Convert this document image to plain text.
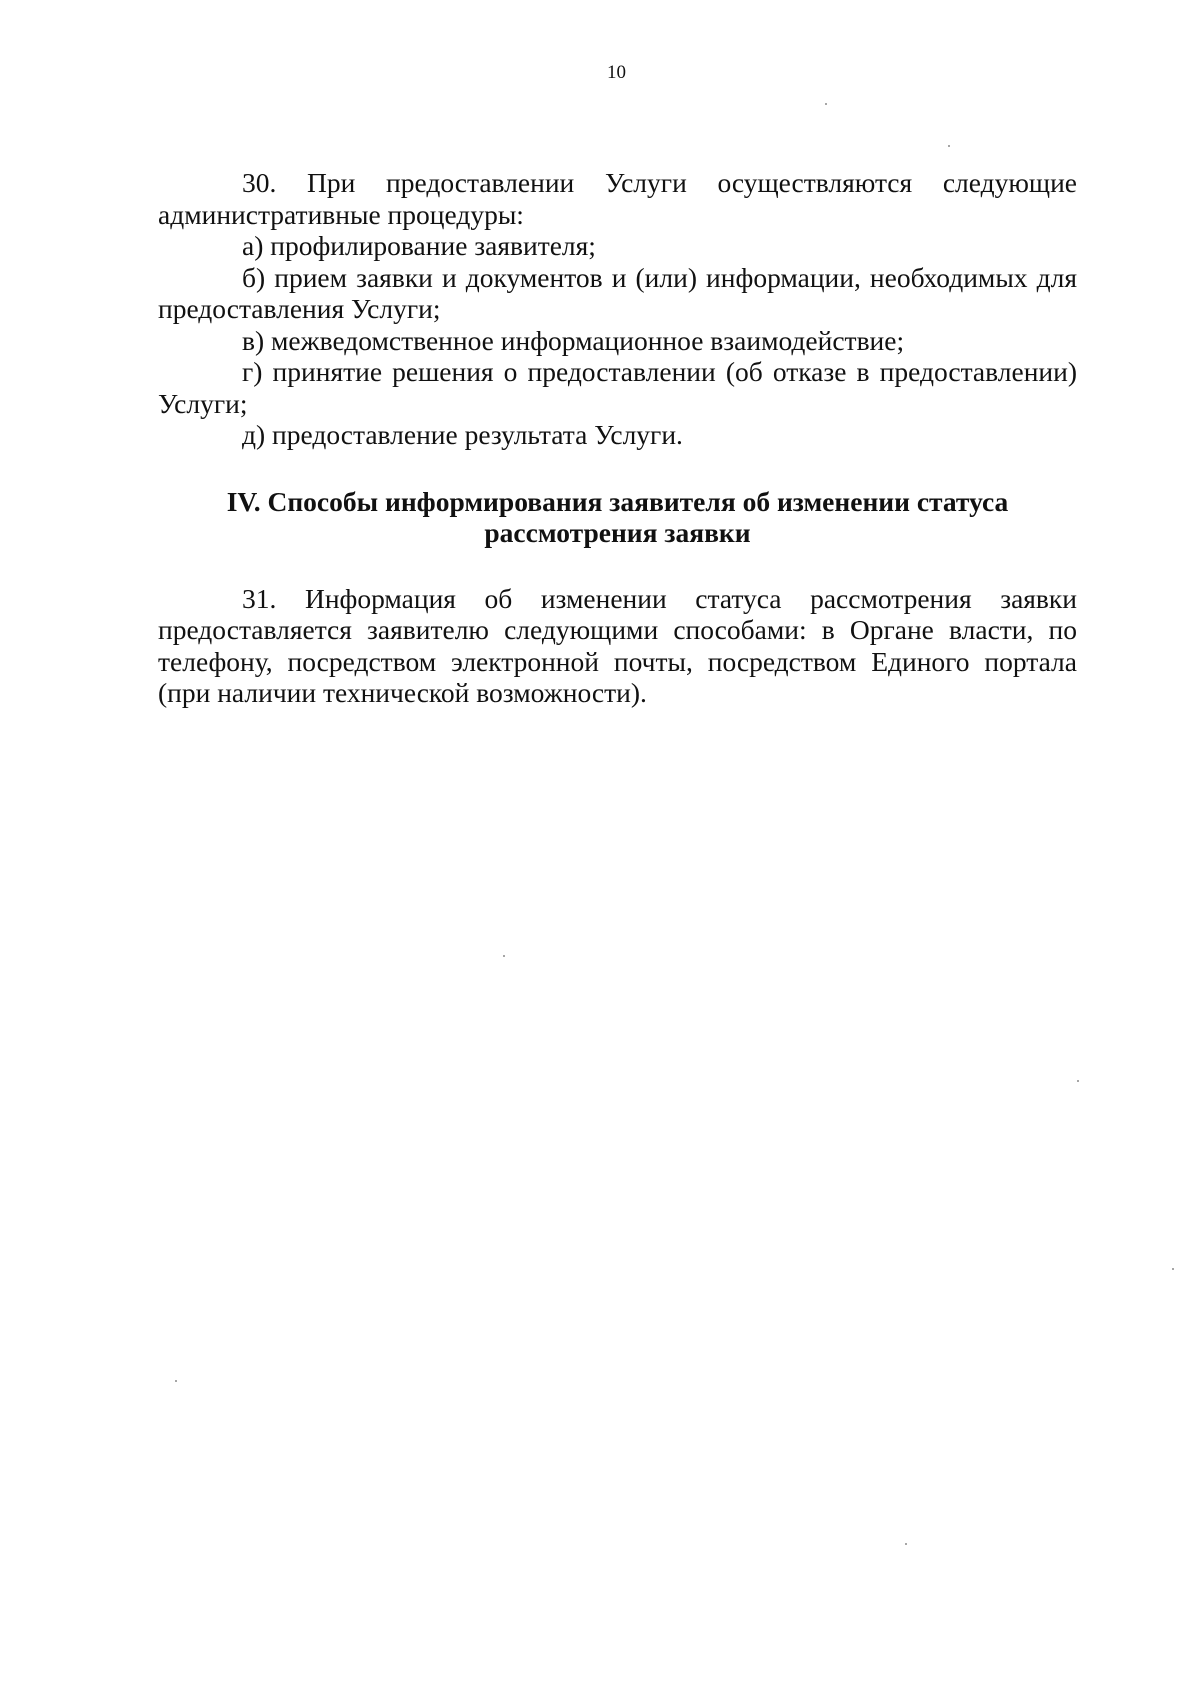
10

30. При предоставлении Услуги осуществляются следующие административные процедуры:

а) профилирование заявителя;

б) прием заявки и документов и (или) информации, необходимых для предоставления Услуги;

в) межведомственное информационное взаимодействие;

г) принятие решения о предоставлении (об отказе в предоставлении) Услуги;

д) предоставление результата Услуги.

IV. Способы информирования заявителя об изменении статуса
рассмотрения заявки

31. Информация об изменении статуса рассмотрения заявки предоставляется заявителю следующими способами: в Органе власти, по телефону, посредством электронной почты, посредством Единого портала (при наличии технической возможности).
